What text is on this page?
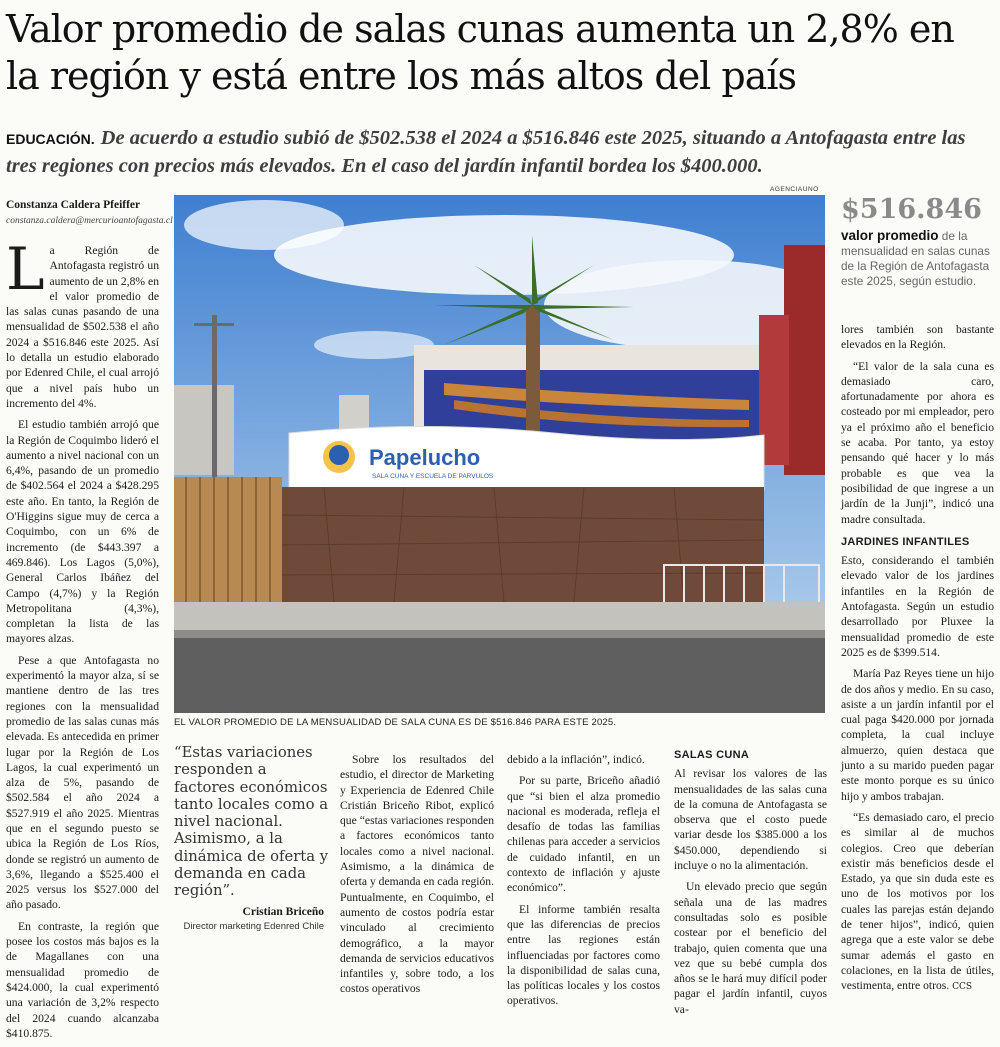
Valor promedio de salas cunas aumenta un 2,8% en la región y está entre los más altos del país

EDUCACIÓN. De acuerdo a estudio subió de $502.538 el 2024 a $516.846 este 2025, situando a Antofagasta entre las tres regiones con precios más elevados. En el caso del jardín infantil bordea los $400.000.

Constanza Caldera Pfeiffer
constanza.caldera@mercurioantofagasta.cl

La Región de Antofagasta registró un aumento de un 2,8% en el valor promedio de las salas cunas pasando de una mensualidad de $502.538 el año 2024 a $516.846 este 2025. Así lo detalla un estudio elaborado por Edenred Chile, el cual arrojó que a nivel país hubo un incremento del 4%.

El estudio también arrojó que la Región de Coquimbo lideró el aumento a nivel nacional con un 6,4%, pasando de un promedio de $402.564 el 2024 a $428.295 este año. En tanto, la Región de O'Higgins sigue muy de cerca a Coquimbo, con un 6% de incremento (de $443.397 a 469.846). Los Lagos (5,0%), General Carlos Ibáñez del Campo (4,7%) y la Región Metropolitana (4,3%), completan la lista de las mayores alzas.

Pese a que Antofagasta no experimentó la mayor alza, sí se mantiene dentro de las tres regiones con la mensualidad promedio de las salas cunas más elevada. Es antecedida en primer lugar por la Región de Los Lagos, la cual experimentó un alza de 5%, pasando de $502.584 el año 2024 a $527.919 el año 2025. Mientras que en el segundo puesto se ubica la Región de Los Ríos, donde se registró un aumento de 3,6%, llegando a $525.400 el 2025 versus los $527.000 del año pasado.

En contraste, la región que posee los costos más bajos es la de Magallanes con una mensualidad promedio de $424.000, la cual experimentó una variación de 3,2% respecto del 2024 cuando alcanzaba $410.875.

AGENCIAUNO
Papelucho
SALA CUNA Y ESCUELA DE PARVULOS
EL VALOR PROMEDIO DE LA MENSUALIDAD DE SALA CUNA ES DE $516.846 PARA ESTE 2025.
$516.846
valor promedio de la mensualidad en salas cunas de la Región de Antofagasta este 2025, según estudio.
“Estas variaciones responden a factores económicos tanto locales como a nivel nacional. Asimismo, a la dinámica de oferta y demanda en cada región”.
Cristian Briceño
Director marketing Edenred Chile

Sobre los resultados del estudio, el director de Marketing y Experiencia de Edenred Chile Cristián Briceño Ribot, explicó que “estas variaciones responden a factores económicos tanto locales como a nivel nacional. Asimismo, a la dinámica de oferta y demanda en cada región. Puntualmente, en Coquimbo, el aumento de costos podría estar vinculado al crecimiento demográfico, a la mayor demanda de servicios educativos infantiles y, sobre todo, a los costos operativos

debido a la inflación”, indicó.

Por su parte, Briceño añadió que “si bien el alza promedio nacional es moderada, refleja el desafío de todas las familias chilenas para acceder a servicios de cuidado infantil, en un contexto de inflación y ajuste económico”.

El informe también resalta que las diferencias de precios entre las regiones están influenciadas por factores como la disponibilidad de salas cuna, las políticas locales y los costos operativos.

SALAS CUNA

Al revisar los valores de las mensualidades de las salas cuna de la comuna de Antofagasta se observa que el costo puede variar desde los $385.000 a los $450.000, dependiendo si incluye o no la alimentación.

Un elevado precio que según señala una de las madres consultadas solo es posible costear por el beneficio del trabajo, quien comenta que una vez que su bebé cumpla dos años se le hará muy difícil poder pagar el jardín infantil, cuyos va-

lores también son bastante elevados en la Región.

“El valor de la sala cuna es demasiado caro, afortunadamente por ahora es costeado por mi empleador, pero ya el próximo año el beneficio se acaba. Por tanto, ya estoy pensando qué hacer y lo más probable es que vea la posibilidad de que ingrese a un jardín de la Junji”, indicó una madre consultada.

JARDINES INFANTILES

Esto, considerando el también elevado valor de los jardines infantiles en la Región de Antofagasta. Según un estudio desarrollado por Pluxee la mensualidad promedio de este 2025 es de $399.514.

María Paz Reyes tiene un hijo de dos años y medio. En su caso, asiste a un jardín infantil por el cual paga $420.000 por jornada completa, la cual incluye almuerzo, quien destaca que junto a su marido pueden pagar este monto porque es su único hijo y ambos trabajan.

“Es demasiado caro, el precio es similar al de muchos colegios. Creo que deberían existir más beneficios desde el Estado, ya que sin duda este es uno de los motivos por los cuales las parejas están dejando de tener hijos”, indicó, quien agrega que a este valor se debe sumar además el gasto en colaciones, en la lista de útiles, vestimenta, entre otros. CCS
